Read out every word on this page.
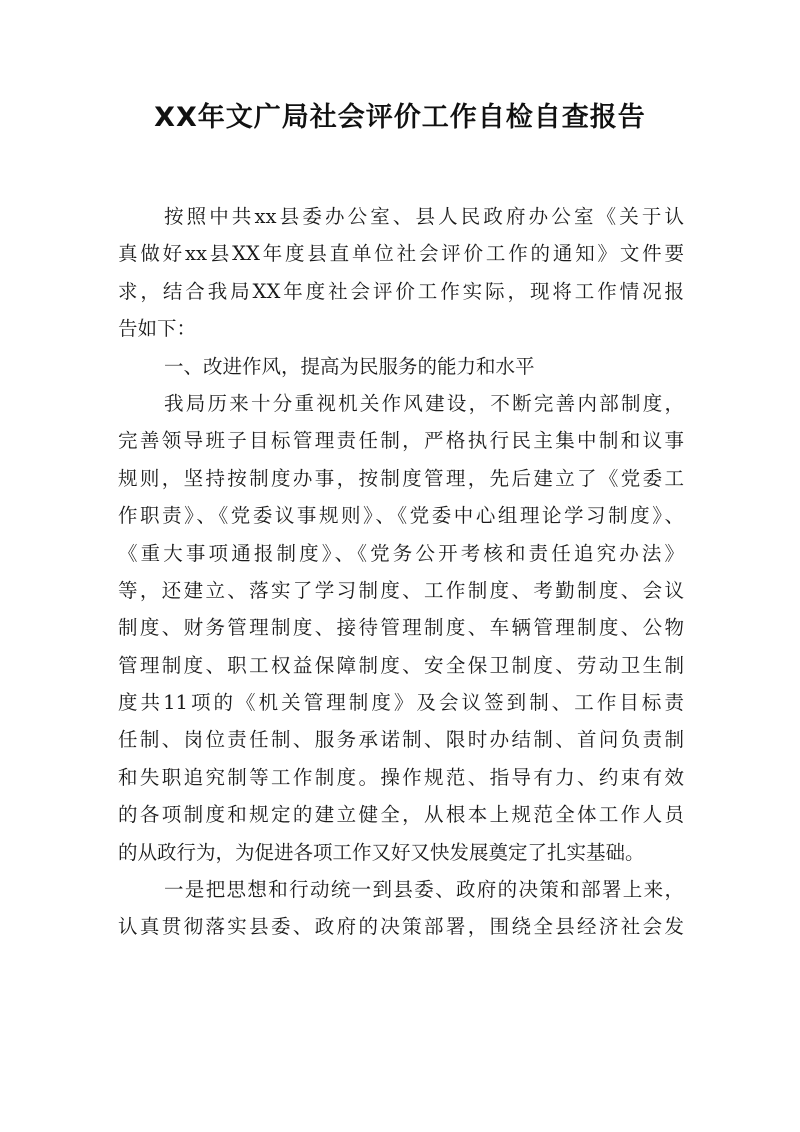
XX年文广局社会评价工作自检自查报告
按照中共xx县委办公室、县人民政府办公室《关于认
真做好xx县XX年度县直单位社会评价工作的通知》文件要
求，结合我局XX年度社会评价工作实际，现将工作情况报
告如下：
一、改进作风，提高为民服务的能力和水平
我局历来十分重视机关作风建设，不断完善内部制度，
完善领导班子目标管理责任制，严格执行民主集中制和议事
规则，坚持按制度办事，按制度管理，先后建立了《党委工
作职责》、《党委议事规则》、《党委中心组理论学习制度》、
《重大事项通报制度》、《党务公开考核和责任追究办法》
等，还建立、落实了学习制度、工作制度、考勤制度、会议
制度、财务管理制度、接待管理制度、车辆管理制度、公物
管理制度、职工权益保障制度、安全保卫制度、劳动卫生制
度共11项的《机关管理制度》及会议签到制、工作目标责
任制、岗位责任制、服务承诺制、限时办结制、首问负责制
和失职追究制等工作制度。操作规范、指导有力、约束有效
的各项制度和规定的建立健全，从根本上规范全体工作人员
的从政行为，为促进各项工作又好又快发展奠定了扎实基础。
一是把思想和行动统一到县委、政府的决策和部署上来，
认真贯彻落实县委、政府的决策部署，围绕全县经济社会发
